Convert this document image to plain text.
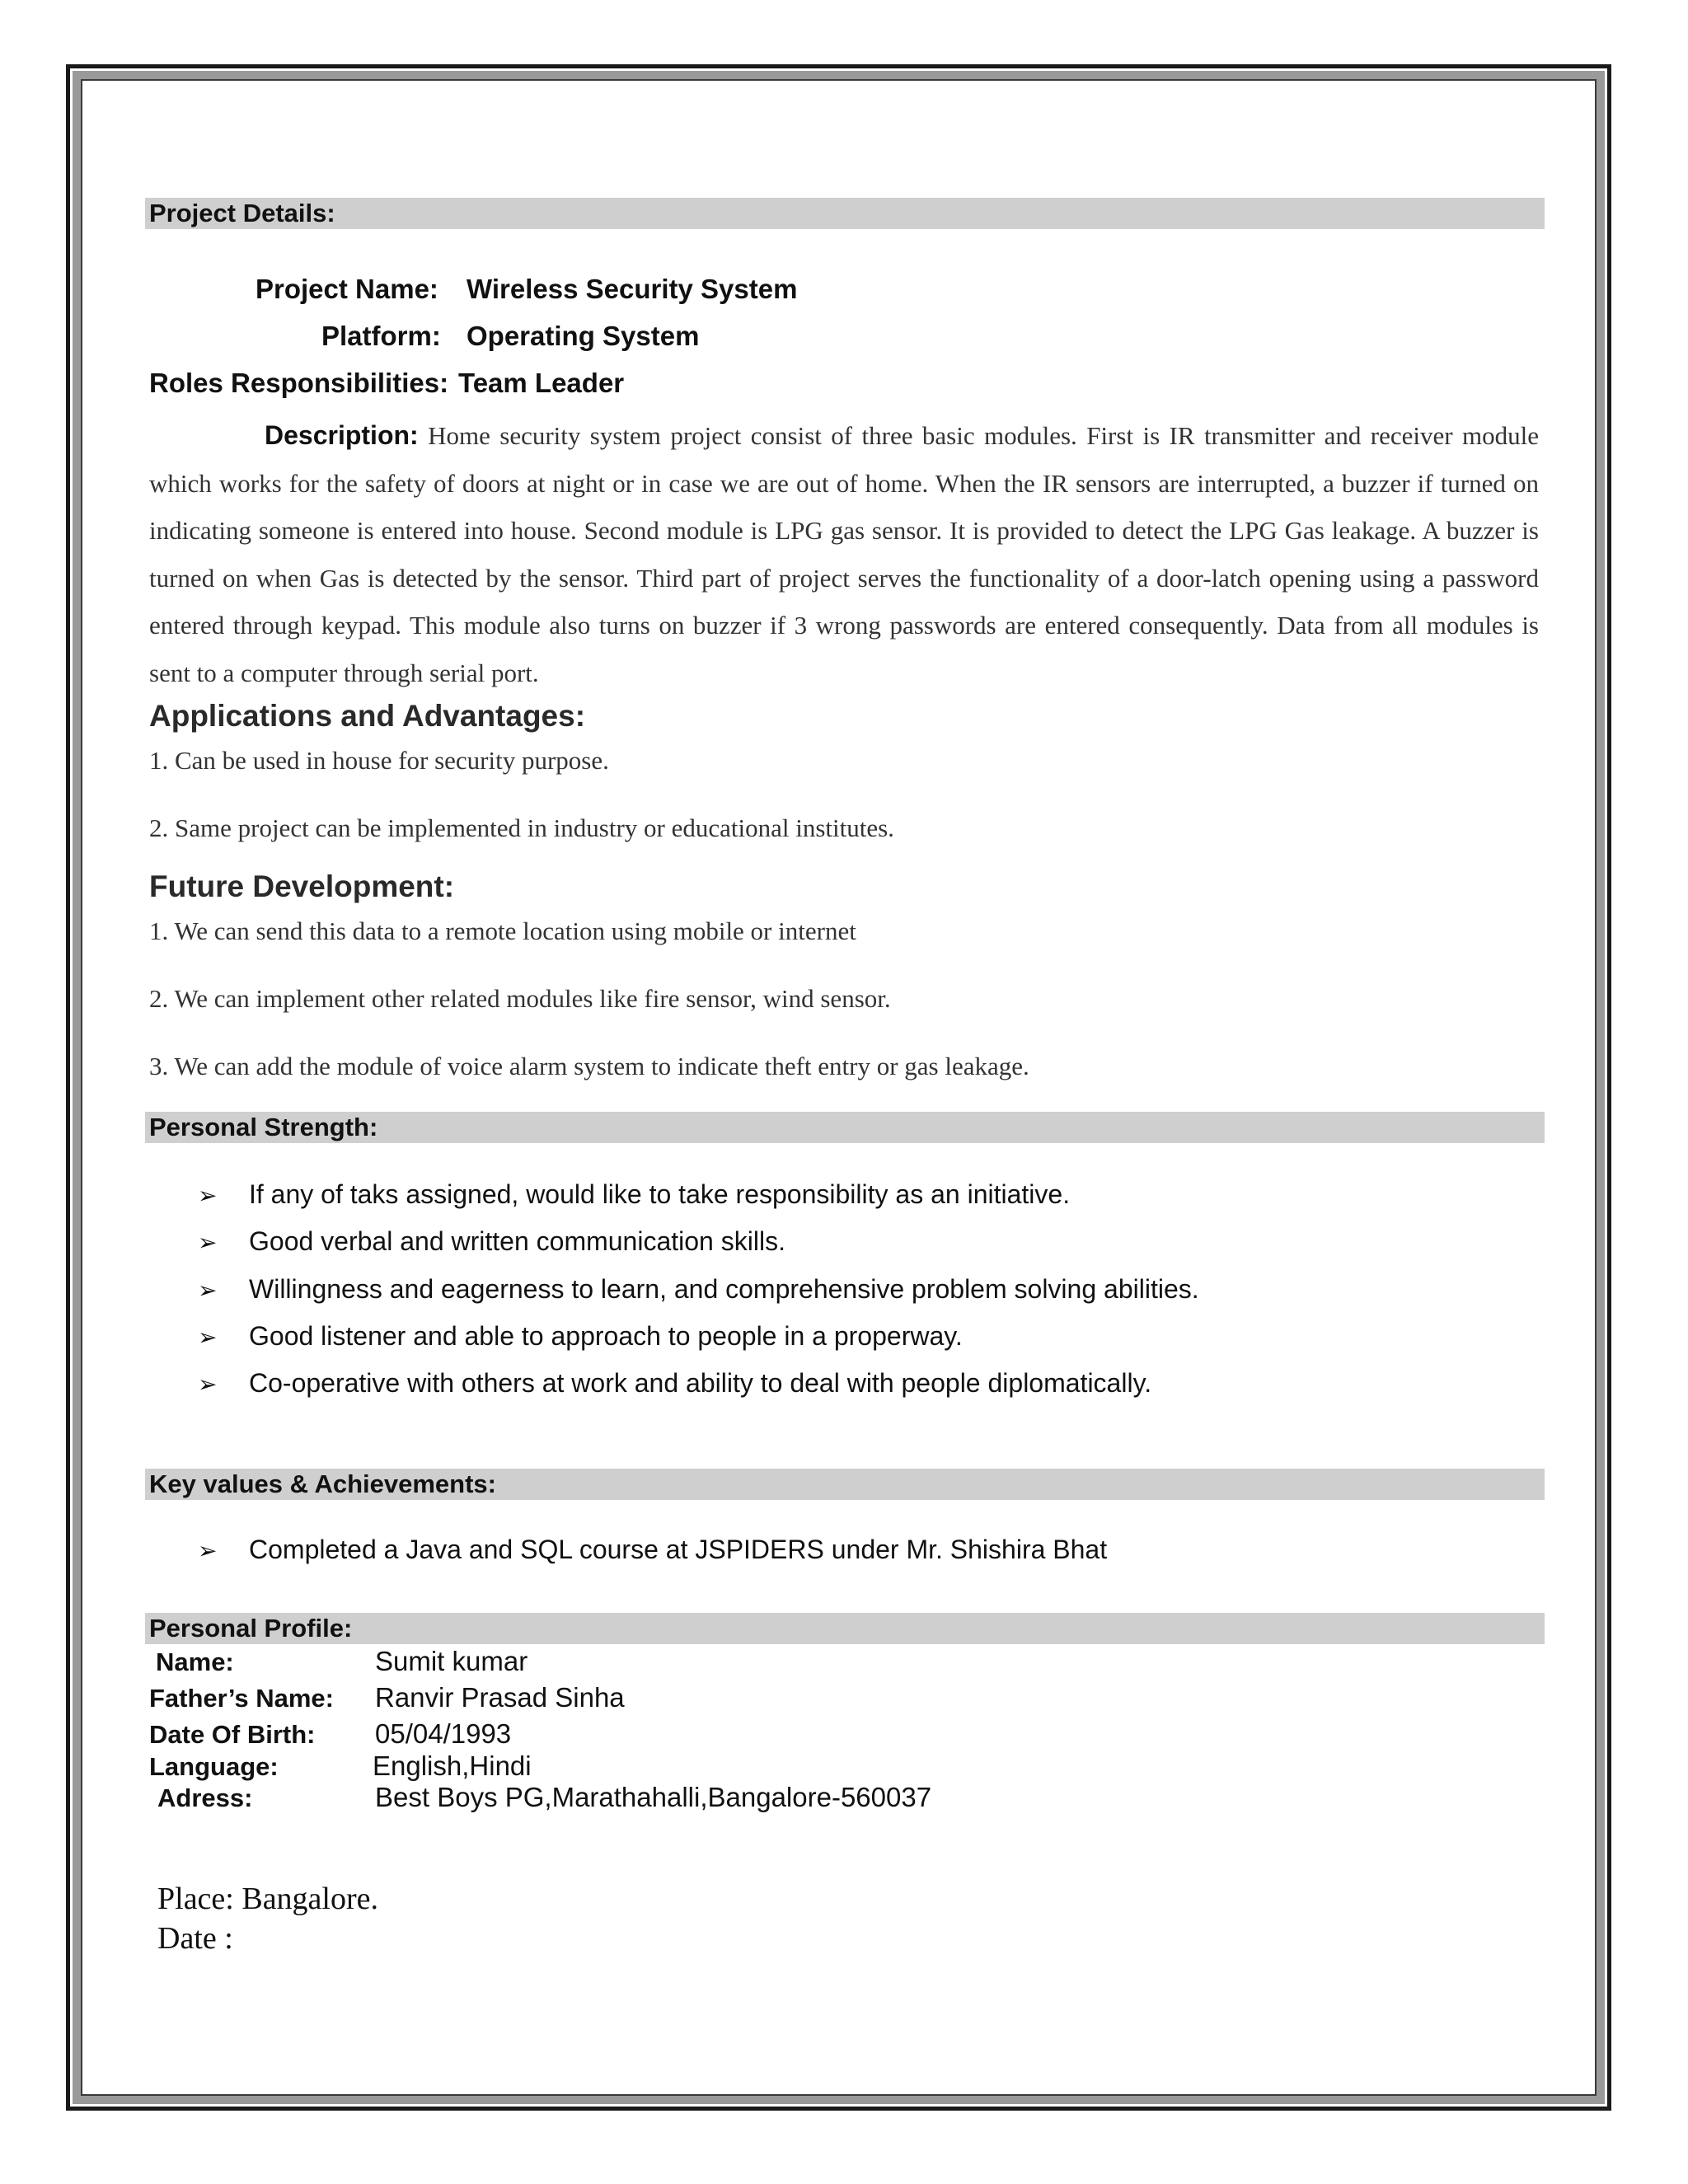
Project Details:
Project Name: Wireless Security System
Platform: Operating System
Roles Responsibilities: Team Leader
Description: Home security system project consist of three basic modules. First is IR transmitter and receiver module which works for the safety of doors at night or in case we are out of home. When the IR sensors are interrupted, a buzzer if turned on indicating someone is entered into house. Second module is LPG gas sensor. It is provided to detect the LPG Gas leakage. A buzzer is turned on when Gas is detected by the sensor. Third part of project serves the functionality of a door-latch opening using a password entered through keypad. This module also turns on buzzer if 3 wrong passwords are entered consequently. Data from all modules is sent to a computer through serial port.
Applications and Advantages:
1. Can be used in house for security purpose.
2. Same project can be implemented in industry or educational institutes.
Future Development:
1. We can send this data to a remote location using mobile or internet
2. We can implement other related modules like fire sensor, wind sensor.
3. We can add the module of voice alarm system to indicate theft entry or gas leakage.
Personal Strength:
➢ If any of taks assigned, would like to take responsibility as an initiative.
➢ Good verbal and written communication skills.
➢ Willingness and eagerness to learn, and comprehensive problem solving abilities.
➢ Good listener and able to approach to people in a properway.
➢ Co-operative with others at work and ability to deal with people diplomatically.
Key values & Achievements:
➢ Completed a Java and SQL course at JSPIDERS under Mr. Shishira Bhat
Personal Profile:
Name:	Sumit kumar
Father’s Name: Ranvir Prasad Sinha
Date Of Birth: 05/04/1993
Language:	English,Hindi
Adress:	Best Boys PG,Marathahalli,Bangalore-560037
Place: Bangalore.
Date :
